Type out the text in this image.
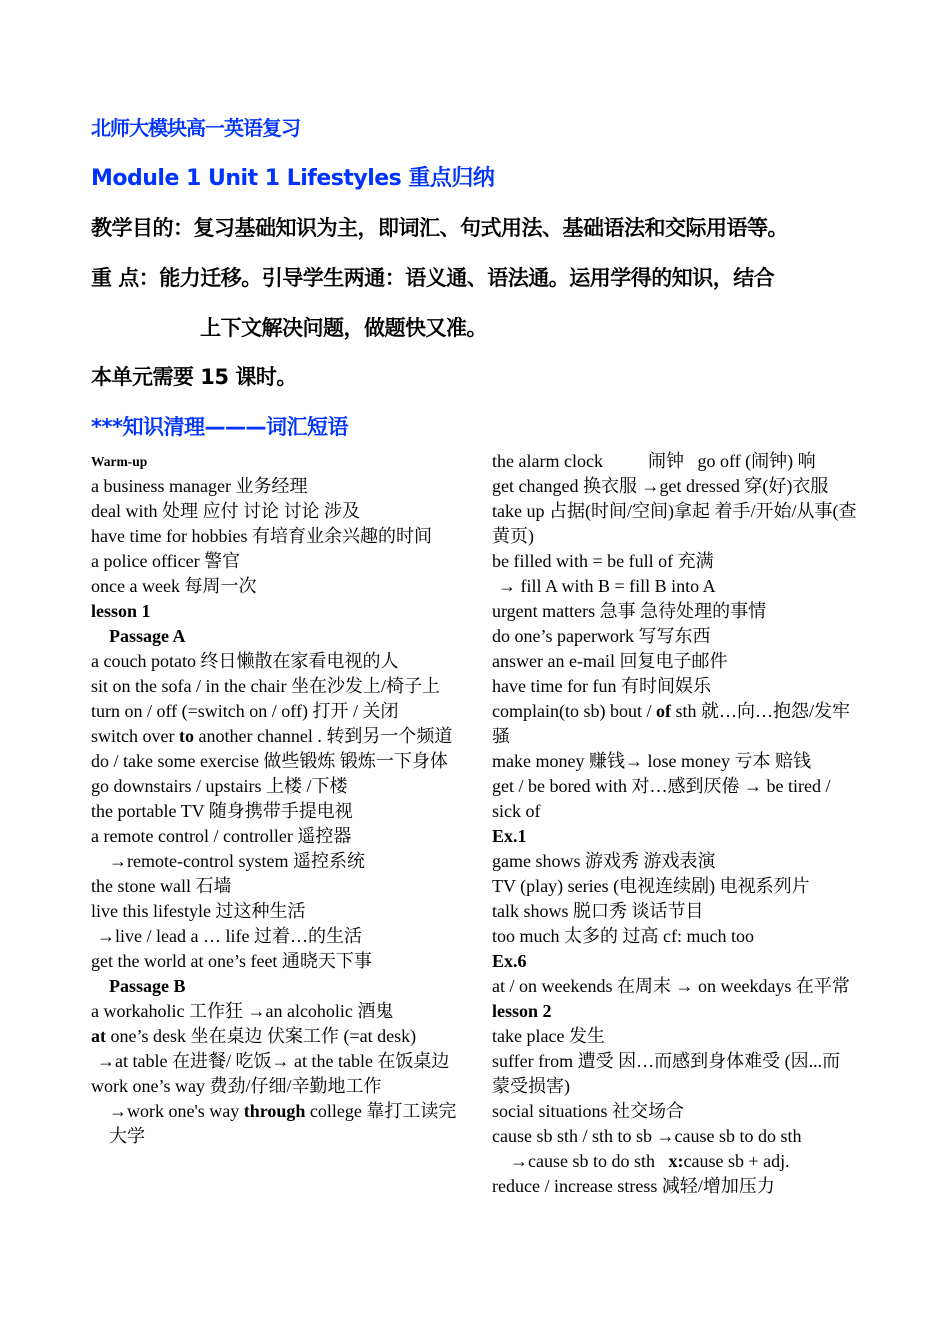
北师大模块高一英语复习
Module 1 Unit 1 Lifestyles 重点归纳
教学目的：复习基础知识为主，即词汇、句式用法、基础语法和交际用语等。
重 点：能力迁移。引导学生两通：语义通、语法通。运用学得的知识，结合
上下文解决问题，做题快又准。
本单元需要 15 课时。
***知识清理———词汇短语

Warm-up

a business manager 业务经理

deal with 处理 应付 讨论 讨论 涉及

have time for hobbies 有培育业余兴趣的时间

a police officer 警官

once a week 每周一次

lesson 1

Passage A

a couch potato 终日懒散在家看电视的人

sit on the sofa / in the chair 坐在沙发上/椅子上

turn on / off (=switch on / off) 打开 / 关闭

switch over to another channel . 转到另一个频道

do / take some exercise 做些锻炼 锻炼一下身体

go downstairs / upstairs 上楼 /下楼

the portable TV 随身携带手提电视

a remote control / controller 遥控器

→remote-control system 遥控系统

the stone wall 石墙

live this lifestyle 过这种生活

→live / lead a … life 过着…的生活

get the world at one’s feet 通晓天下事

Passage B

a workaholic 工作狂 →an alcoholic 酒鬼

at one’s desk 坐在桌边 伏案工作 (=at desk)

→at table 在进餐/ 吃饭→ at the table 在饭桌边

work one’s way 费劲/仔细/辛勤地工作

→work one's way through college 靠打工读完大学

the alarm clock          闹钟   go off (闹钟) 响

get changed 换衣服 →get dressed 穿(好)衣服

take up 占据(时间/空间)拿起 着手/开始/从事(查黄页)

be filled with = be full of 充满

→ fill A with B = fill B into A

urgent matters 急事 急待处理的事情

do one’s paperwork 写写东西

answer an e-mail 回复电子邮件

have time for fun 有时间娱乐

complain(to sb) bout / of sth 就…向…抱怨/发牢骚

make money 赚钱→ lose money 亏本 赔钱

get / be bored with 对…感到厌倦 → be tired / sick of

Ex.1

game shows 游戏秀 游戏表演

TV (play) series (电视连续剧) 电视系列片

talk shows 脱口秀 谈话节目

too much 太多的 过高 cf: much too

Ex.6

at / on weekends 在周末 → on weekdays 在平常

lesson 2

take place 发生

suffer from 遭受 因…而感到身体难受 (因...而蒙受损害)

social situations 社交场合

cause sb sth / sth to sb →cause sb to do sth

→cause sb to do sth x:cause sb + adj.

reduce / increase stress 减轻/增加压力
